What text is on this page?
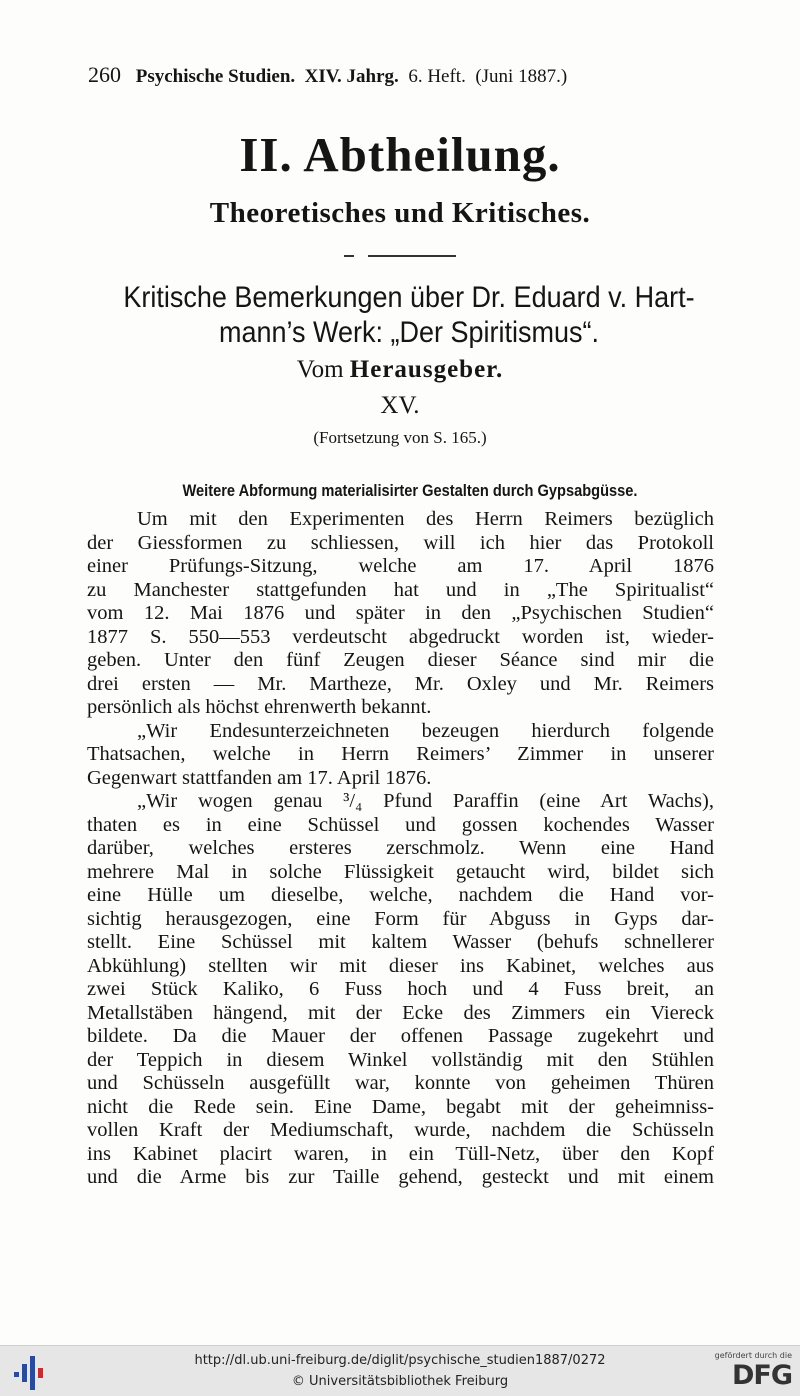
260 Psychische Studien. XIV. Jahrg. 6. Heft. (Juni 1887.)
II. Abtheilung.
Theoretisches und Kritisches.
Kritische Bemerkungen über Dr. Eduard v. Hart-
mann’s Werk: „Der Spiritismus“.
Vom Herausgeber.
XV.
(Fortsetzung von S. 165.)
Weitere Abformung materialisirter Gestalten durch Gypsabgüsse.

Um mit den Experimenten des Herrn Reimers bezüglich
der Giessformen zu schliessen, will ich hier das Protokoll
einer Prüfungs-Sitzung, welche am 17. April 1876
zu Manchester stattgefunden hat und in „The Spiritualist“
vom 12. Mai 1876 und später in den „Psychischen Studien“
1877 S. 550—553 verdeutscht abgedruckt worden ist, wieder-
geben. Unter den fünf Zeugen dieser Séance sind mir die
drei ersten — Mr. Martheze, Mr. Oxley und Mr. Reimers
persönlich als höchst ehrenwerth bekannt.

„Wir Endesunterzeichneten bezeugen hierdurch folgende
Thatsachen, welche in Herrn Reimers’ Zimmer in unserer
Gegenwart stattfanden am 17. April 1876.

„Wir wogen genau ³/₄ Pfund Paraffin (eine Art Wachs),
thaten es in eine Schüssel und gossen kochendes Wasser
darüber, welches ersteres zerschmolz. Wenn eine Hand
mehrere Mal in solche Flüssigkeit getaucht wird, bildet sich
eine Hülle um dieselbe, welche, nachdem die Hand vor-
sichtig herausgezogen, eine Form für Abguss in Gyps dar-
stellt. Eine Schüssel mit kaltem Wasser (behufs schnellerer
Abkühlung) stellten wir mit dieser ins Kabinet, welches aus
zwei Stück Kaliko, 6 Fuss hoch und 4 Fuss breit, an
Metallstäben hängend, mit der Ecke des Zimmers ein Viereck
bildete. Da die Mauer der offenen Passage zugekehrt und
der Teppich in diesem Winkel vollständig mit den Stühlen
und Schüsseln ausgefüllt war, konnte von geheimen Thüren
nicht die Rede sein. Eine Dame, begabt mit der geheimniss-
vollen Kraft der Mediumschaft, wurde, nachdem die Schüsseln
ins Kabinet placirt waren, in ein Tüll-Netz, über den Kopf
und die Arme bis zur Taille gehend, gesteckt und mit einem

http://dl.ub.uni-freiburg.de/diglit/psychische_studien1887/0272
© Universitätsbibliothek Freiburg
gefördert durch die
DFG
